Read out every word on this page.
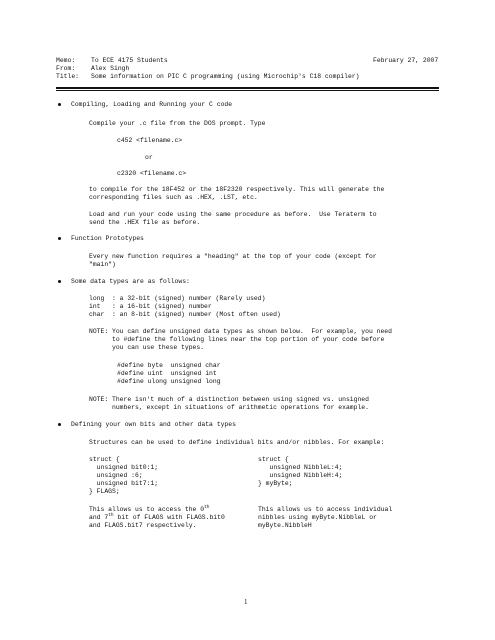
Memo: To ECE 4175 Students	February 27, 2007
From: Alex Singh
Title: Some information on PIC C programming (using Microchip's C18 compiler)
Compiling, Loading and Running your C code
Compile your .c file from the DOS prompt. Type
c452 <filename.c>
or
c2320 <filename.c>
to compile for the 18F452 or the 18F2320 respectively. This will generate the
corresponding files such as .HEX, .LST, etc.
Load and run your code using the same procedure as before.  Use Teraterm to
send the .HEX file as before.
Function Prototypes
Every new function requires a "heading" at the top of your code (except for
"main")
Some data types are as follows:
long  : a 32-bit (signed) number (Rarely used)
int   : a 16-bit (signed) number
char  : an 8-bit (signed) number (Most often used)
NOTE: You can define unsigned data types as shown below.  For example, you need
to #define the following lines near the top portion of your code before
you can use these types.
#define byte  unsigned char
#define uint  unsigned int
#define ulong unsigned long
NOTE: There isn't much of a distinction between using signed vs. unsigned
numbers, except in situations of arithmetic operations for example.
Defining your own bits and other data types
Structures can be used to define individual bits and/or nibbles. For example:
struct {
unsigned bit0:1;
unsigned :6;
unsigned bit7:1;
} FLAGS;
struct {
unsigned NibbleL:4;
unsigned NibbleH:4;
} myByte;
This allows us to access the 0th
and 7th bit of FLAGS with FLAGS.bit0
and FLAGS.bit7 respectively.
This allows us to access individual
nibbles using myByte.NibbleL or
myByte.NibbleH
1
